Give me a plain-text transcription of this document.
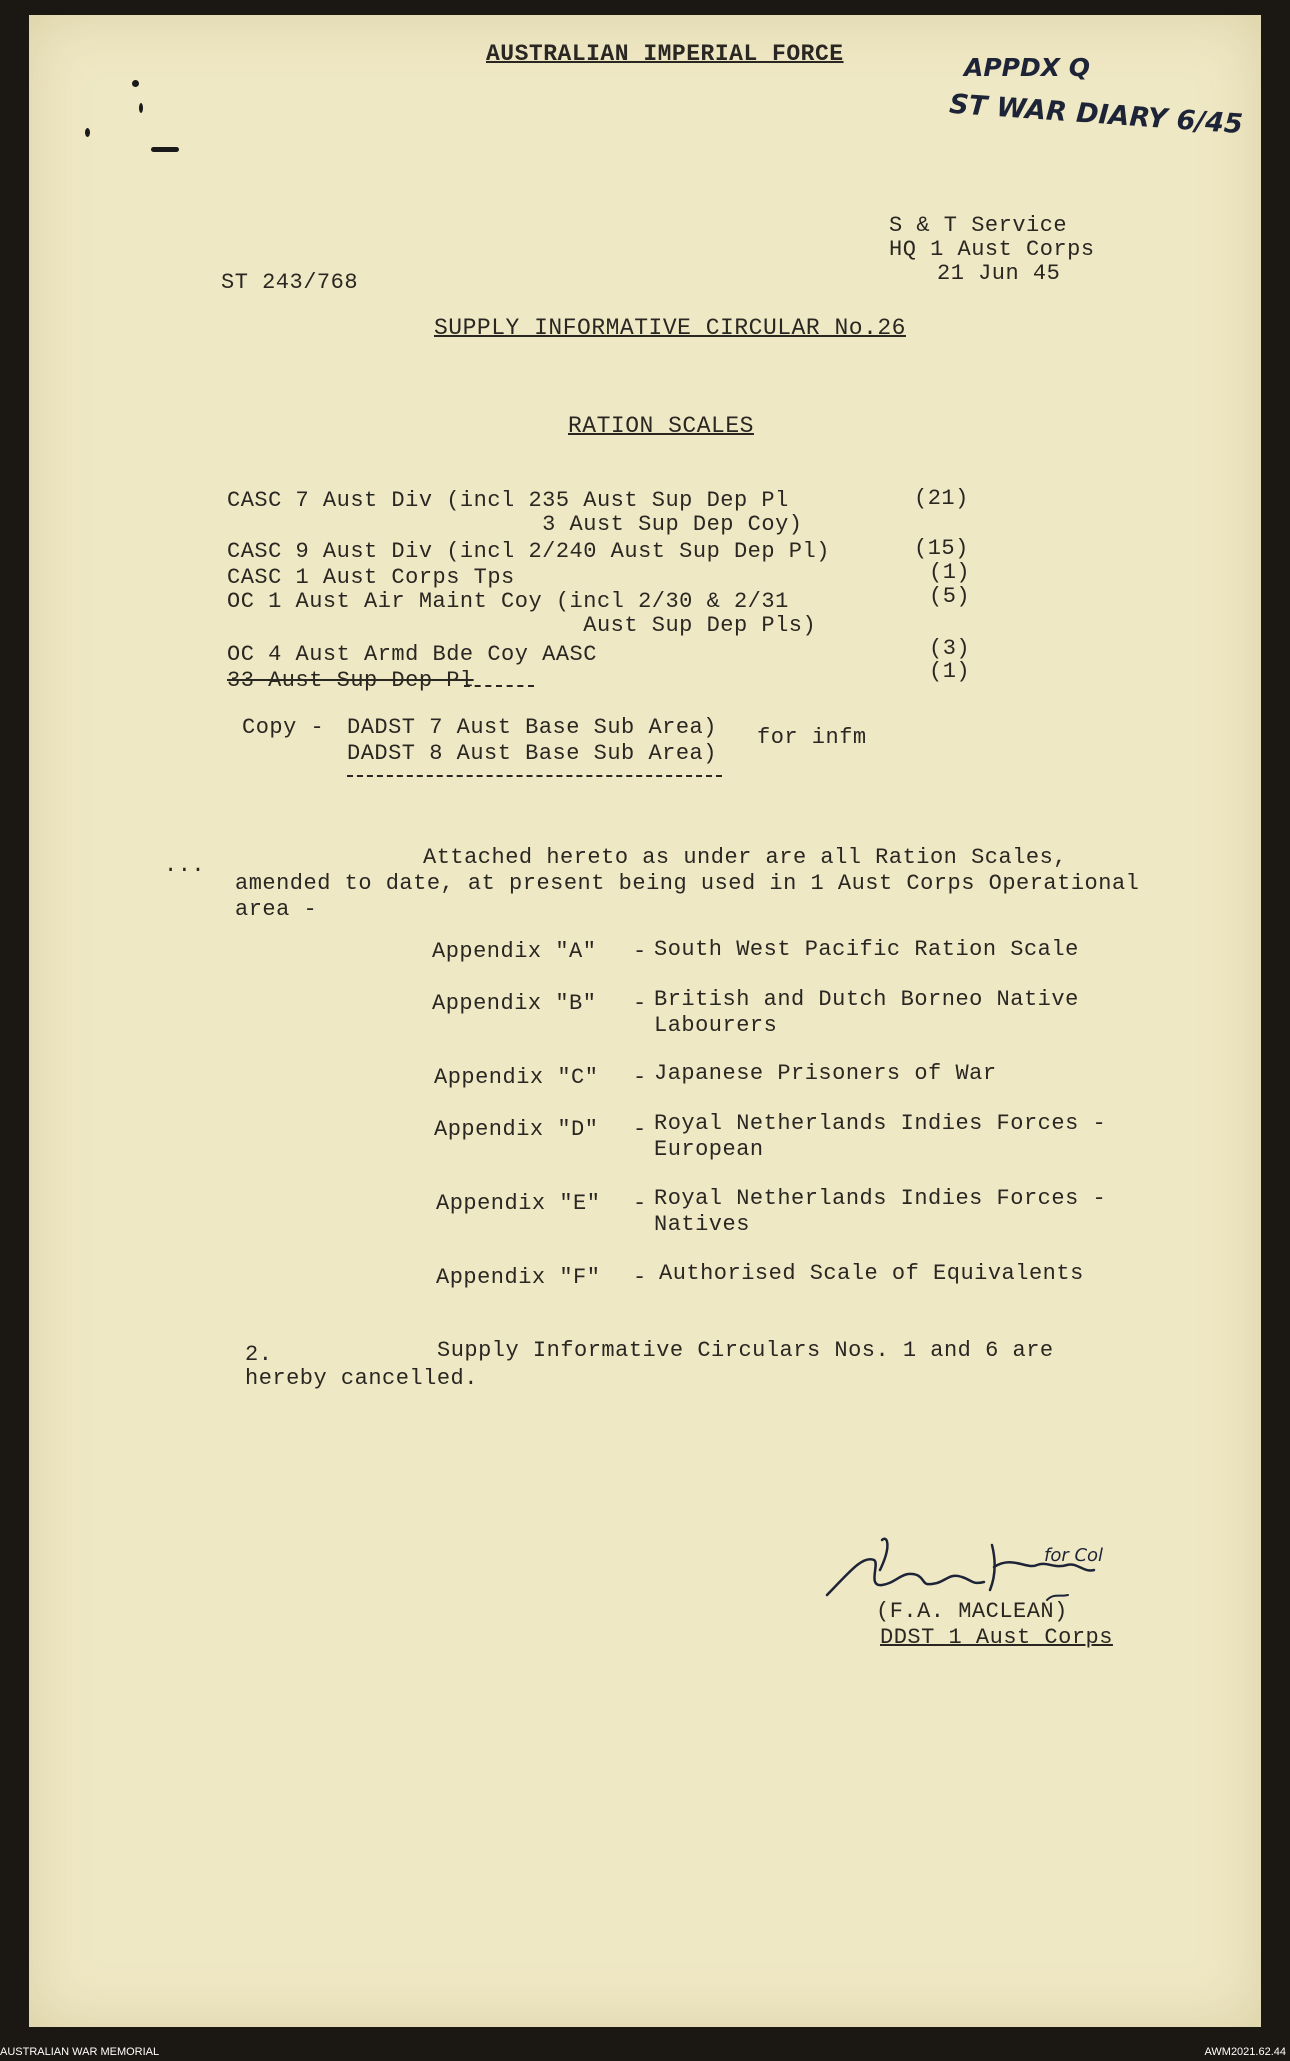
AUSTRALIAN IMPERIAL FORCE	APPDX Q
ST WAR DIARY 6/45
S & T Service
HQ 1 Aust Corps
21 Jun 45
ST 243/768
SUPPLY INFORMATIVE CIRCULAR No.26
RATION SCALES
CASC 7 Aust Div (incl 235 Aust Sup Dep Pl	(21)
3 Aust Sup Dep Coy)
CASC 9 Aust Div (incl 2/240 Aust Sup Dep Pl)	(15)
CASC 1 Aust Corps Tps	(1)
OC 1 Aust Air Maint Coy (incl 2/30 & 2/31	(5)
Aust Sup Dep Pls)
OC 4 Aust Armd Bde Coy AASC	(3)
33 Aust Sup Dep Pl	(1)
Copy - DADST 7 Aust Base Sub Area)
DADST 8 Aust Base Sub Area)
for infm
...	Attached hereto as under are all Ration Scales,
amended to date, at present being used in 1 Aust Corps Operational
area -
Appendix "A" - South West Pacific Ration Scale
Appendix "B" - British and Dutch Borneo Native
Labourers
Appendix "C" - Japanese Prisoners of War
Appendix "D" - Royal Netherlands Indies Forces -
European
Appendix "E" - Royal Netherlands Indies Forces -
Natives
Appendix "F" - Authorised Scale of Equivalents
2.	Supply Informative Circulars Nos. 1 and 6 are
hereby cancelled.
for Col
(F.A. MACLEAN)
DDST 1 Aust Corps
AUSTRALIAN WAR MEMORIAL	AWM2021.62.44
